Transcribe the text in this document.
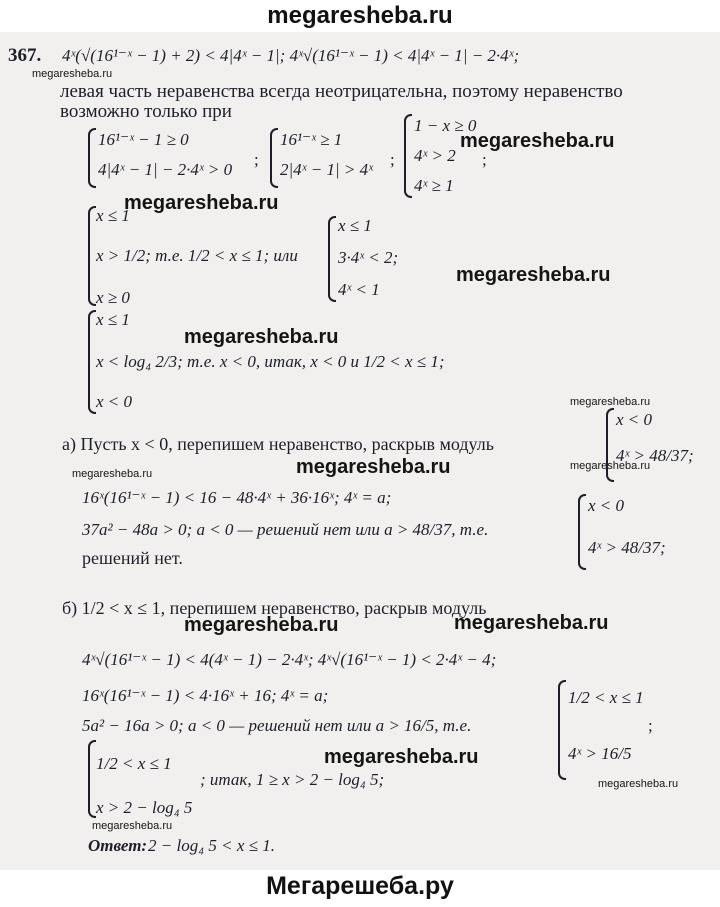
megaresheba.ru
367. 4ˣ(√(16¹⁻ˣ − 1) + 2) < 4|4ˣ − 1|; 4ˣ√(16¹⁻ˣ − 1) < 4|4ˣ − 1| − 2·4ˣ;
левая часть неравенства всегда неотрицательна, поэтому неравенство
возможно только при
16¹⁻ˣ − 1 ≥ 0
4|4ˣ − 1| − 2·4ˣ > 0
;
16¹⁻ˣ ≥ 1
2|4ˣ − 1| > 4ˣ
;
1 − x ≥ 0
4ˣ > 2
4ˣ ≥ 1
;
x ≤ 1
x > 1/2; т.е. 1/2 < x ≤ 1; или
x ≥ 0
x ≤ 1
3·4ˣ < 2;
4ˣ < 1
x ≤ 1
x < log₄ 2/3; т.е. x < 0, итак, x < 0 и 1/2 < x ≤ 1;
x < 0
а) Пусть x < 0, перепишем неравенство, раскрыв модуль
x < 0
4ˣ > 48/37;
16ˣ(16¹⁻ˣ − 1) < 16 − 48·4ˣ + 36·16ˣ; 4ˣ = a;
37a² − 48a > 0; a < 0 — решений нет или a > 48/37, т.е.
решений нет.
x < 0
4ˣ > 48/37;
б) 1/2 < x ≤ 1, перепишем неравенство, раскрыв модуль
4ˣ√(16¹⁻ˣ − 1) < 4(4ˣ − 1) − 2·4ˣ; 4ˣ√(16¹⁻ˣ − 1) < 2·4ˣ − 4;
16ˣ(16¹⁻ˣ − 1) < 4·16ˣ + 16; 4ˣ = a;
5a² − 16a > 0; a < 0 — решений нет или a > 16/5, т.е.
1/2 < x ≤ 1
4ˣ > 16/5
;
1/2 < x ≤ 1
x > 2 − log₄ 5
; итак, 1 ≥ x > 2 − log₄ 5;
Ответ: 2 − log₄ 5 < x ≤ 1.
megaresheba.ru
megaresheba.ru
megaresheba.ru
megaresheba.ru
megaresheba.ru
megaresheba.ru
megaresheba.ru	megaresheba.ru	megaresheba.ru
megaresheba.ru	megaresheba.ru
megaresheba.ru
megaresheba.ru
megaresheba.ru
Мегарешеба.ру
